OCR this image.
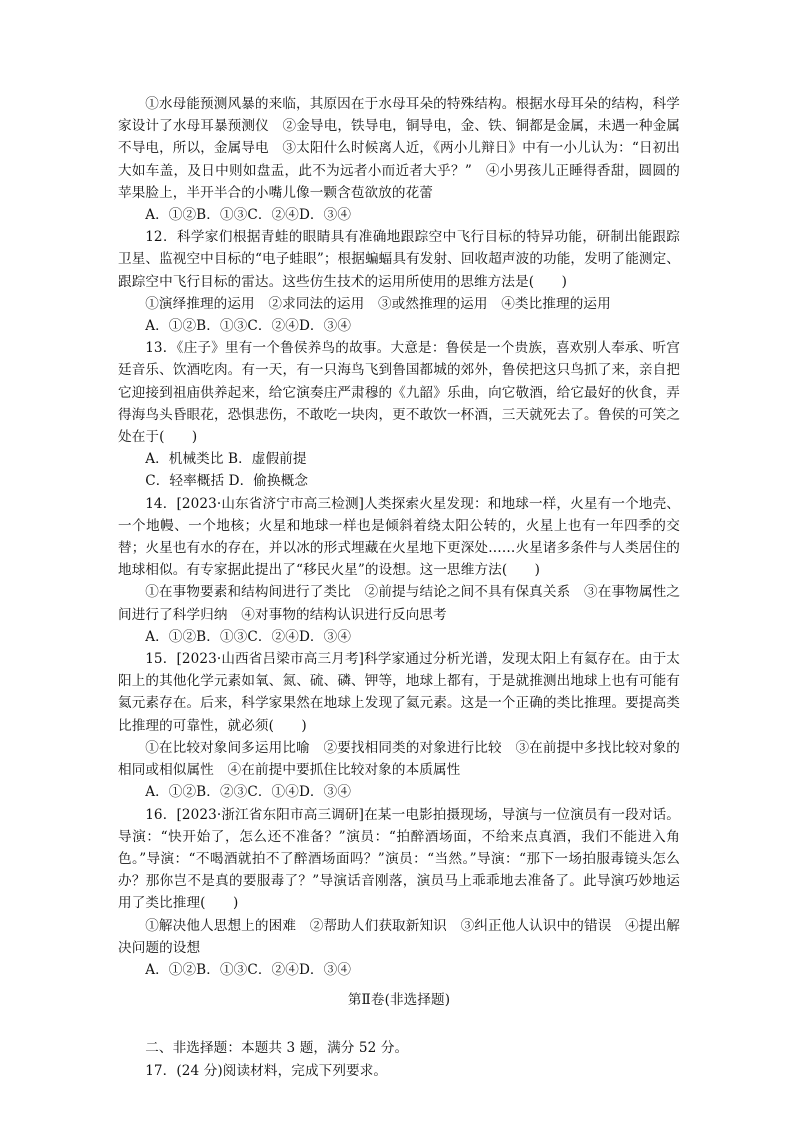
①水母能预测风暴的来临，其原因在于水母耳朵的特殊结构。根据水母耳朵的结构，科学家设计了水母耳暴预测仪　②金导电，铁导电，铜导电，金、铁、铜都是金属，未遇一种金属不导电，所以，金属导电　③太阳什么时候离人近，《两小儿辩日》中有一小儿认为：“日初出大如车盖，及日中则如盘盂，此不为远者小而近者大乎？”　④小男孩儿正睡得香甜，圆圆的苹果脸上，半开半合的小嘴儿像一颗含苞欲放的花蕾

A．①②B．①③C．②④D．③④

12．科学家们根据青蛙的眼睛具有准确地跟踪空中飞行目标的特异功能，研制出能跟踪卫星、监视空中目标的“电子蛙眼”；根据蝙蝠具有发射、回收超声波的功能，发明了能测定、跟踪空中飞行目标的雷达。这些仿生技术的运用所使用的思维方法是(　　)

①演绎推理的运用　②求同法的运用　③或然推理的运用　④类比推理的运用

A．①②B．①③C．②④D．③④

13．《庄子》里有一个鲁侯养鸟的故事。大意是：鲁侯是一个贵族，喜欢别人奉承、听宫廷音乐、饮酒吃肉。有一天，有一只海鸟飞到鲁国都城的郊外，鲁侯把这只鸟抓了来，亲自把它迎接到祖庙供养起来，给它演奏庄严肃穆的《九韶》乐曲，向它敬酒，给它最好的伙食，弄得海鸟头昏眼花，恐惧悲伤，不敢吃一块肉，更不敢饮一杯酒，三天就死去了。鲁侯的可笑之处在于(　　)

A．机械类比 B．虚假前提

C．轻率概括 D．偷换概念

14．[2023·山东省济宁市高三检测]人类探索火星发现：和地球一样，火星有一个地壳、一个地幔、一个地核；火星和地球一样也是倾斜着绕太阳公转的，火星上也有一年四季的交替；火星也有水的存在，并以冰的形式埋藏在火星地下更深处……火星诸多条件与人类居住的地球相似。有专家据此提出了“移民火星”的设想。这一思维方法(　　)

①在事物要素和结构间进行了类比　②前提与结论之间不具有保真关系　③在事物属性之间进行了科学归纳　④对事物的结构认识进行反向思考

A．①②B．①③C．②④D．③④

15．[2023·山西省吕梁市高三月考]科学家通过分析光谱，发现太阳上有氦存在。由于太阳上的其他化学元素如氧、氮、硫、磷、钾等，地球上都有，于是就推测出地球上也有可能有氦元素存在。后来，科学家果然在地球上发现了氦元素。这是一个正确的类比推理。要提高类比推理的可靠性，就必须(　　)

①在比较对象间多运用比喻　②要找相同类的对象进行比较　③在前提中多找比较对象的相同或相似属性　④在前提中要抓住比较对象的本质属性

A．①②B．②③C．①④D．③④

16．[2023·浙江省东阳市高三调研]在某一电影拍摄现场，导演与一位演员有一段对话。导演：“快开始了，怎么还不准备？”演员：“拍醉酒场面，不给来点真酒，我们不能进入角色。”导演：“不喝酒就拍不了醉酒场面吗？”演员：“当然。”导演：“那下一场拍服毒镜头怎么办？那你岂不是真的要服毒了？”导演话音刚落，演员马上乖乖地去准备了。此导演巧妙地运用了类比推理(　　)

①解决他人思想上的困难　②帮助人们获取新知识　③纠正他人认识中的错误　④提出解决问题的设想

A．①②B．①③C．②④D．③④

第Ⅱ卷(非选择题)

二、非选择题：本题共 3 题，满分 52 分。

17．(24 分)阅读材料，完成下列要求。
